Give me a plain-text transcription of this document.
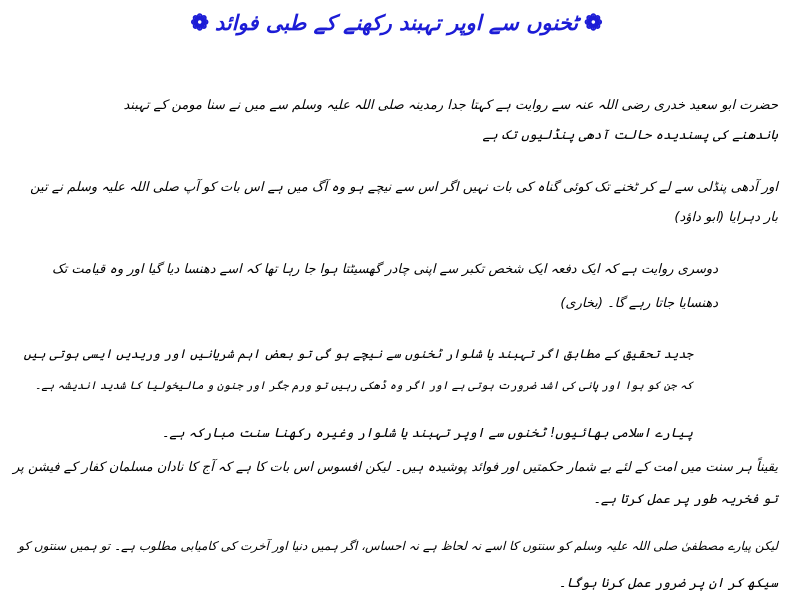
❁
ٹخنوں سے اوپر تہبند رکھنے کے طبی فوائد
❁
حضرت ابو سعید خدری رضی اللہ عنہ سے روایت ہے کہتا جدا رمدینہ صلی اللہ علیہ وسلم سے میں نے سنا مومن کے تہبند
باندھنے کی پسندیدہ حالت آدھی پنڈلیوں تک ہے
اور آدھی پنڈلی سے لے کر ٹخنے تک کوئی گناہ کی بات نہیں اگر اس سے نیچے ہو وہ آگ میں ہے اس بات کو آپ صلی اللہ علیہ وسلم نے تین
بار دہرایا (ابو داؤد)
دوسری روایت ہے کہ ایک دفعہ ایک شخص تکبر سے اپنی چادر گھسیٹتا ہوا جا رہا تھا کہ اسے دھنسا دیا گیا اور وہ قیامت تک
دھنسایا جاتا رہے گا۔ (بخاری)
جدید تحقیق کے مطابق اگر تہبند یا شلوار ٹخنوں سے نیچے ہو گی تو بعض اہم شریانیں اور وریدیں ایسی ہوتی ہیں
کہ جن کو ہوا اور پانی کی اشد ضرورت ہوتی ہے اور اگر وہ ڈھکی رہیں تو ورم جگر اور جنون و مالیخولیا کا شدید اندیشہ ہے۔
پیارے اسلامی بھائیوں! ٹخنوں سے اوپر تہبند یا شلوار وغیرہ رکھنا سنت مبارکہ ہے۔
یقیناً ہر سنت میں امت کے لئے بے شمار حکمتیں اور فوائد پوشیدہ ہیں۔ لیکن افسوس اس بات کا ہے کہ آج کا نادان مسلمان کفار کے فیشن پر
تو فخریہ طور پر عمل کرتا ہے۔
لیکن پیارے مصطفیٰ صلی اللہ علیہ وسلم کو سنتوں کا اسے نہ لحاظ ہے نہ احساس، اگر ہمیں دنیا اور آخرت کی کامیابی مطلوب ہے۔ تو ہمیں سنتوں کو
سیکھ کر ان پر ضرور عمل کرنا ہوگا۔
